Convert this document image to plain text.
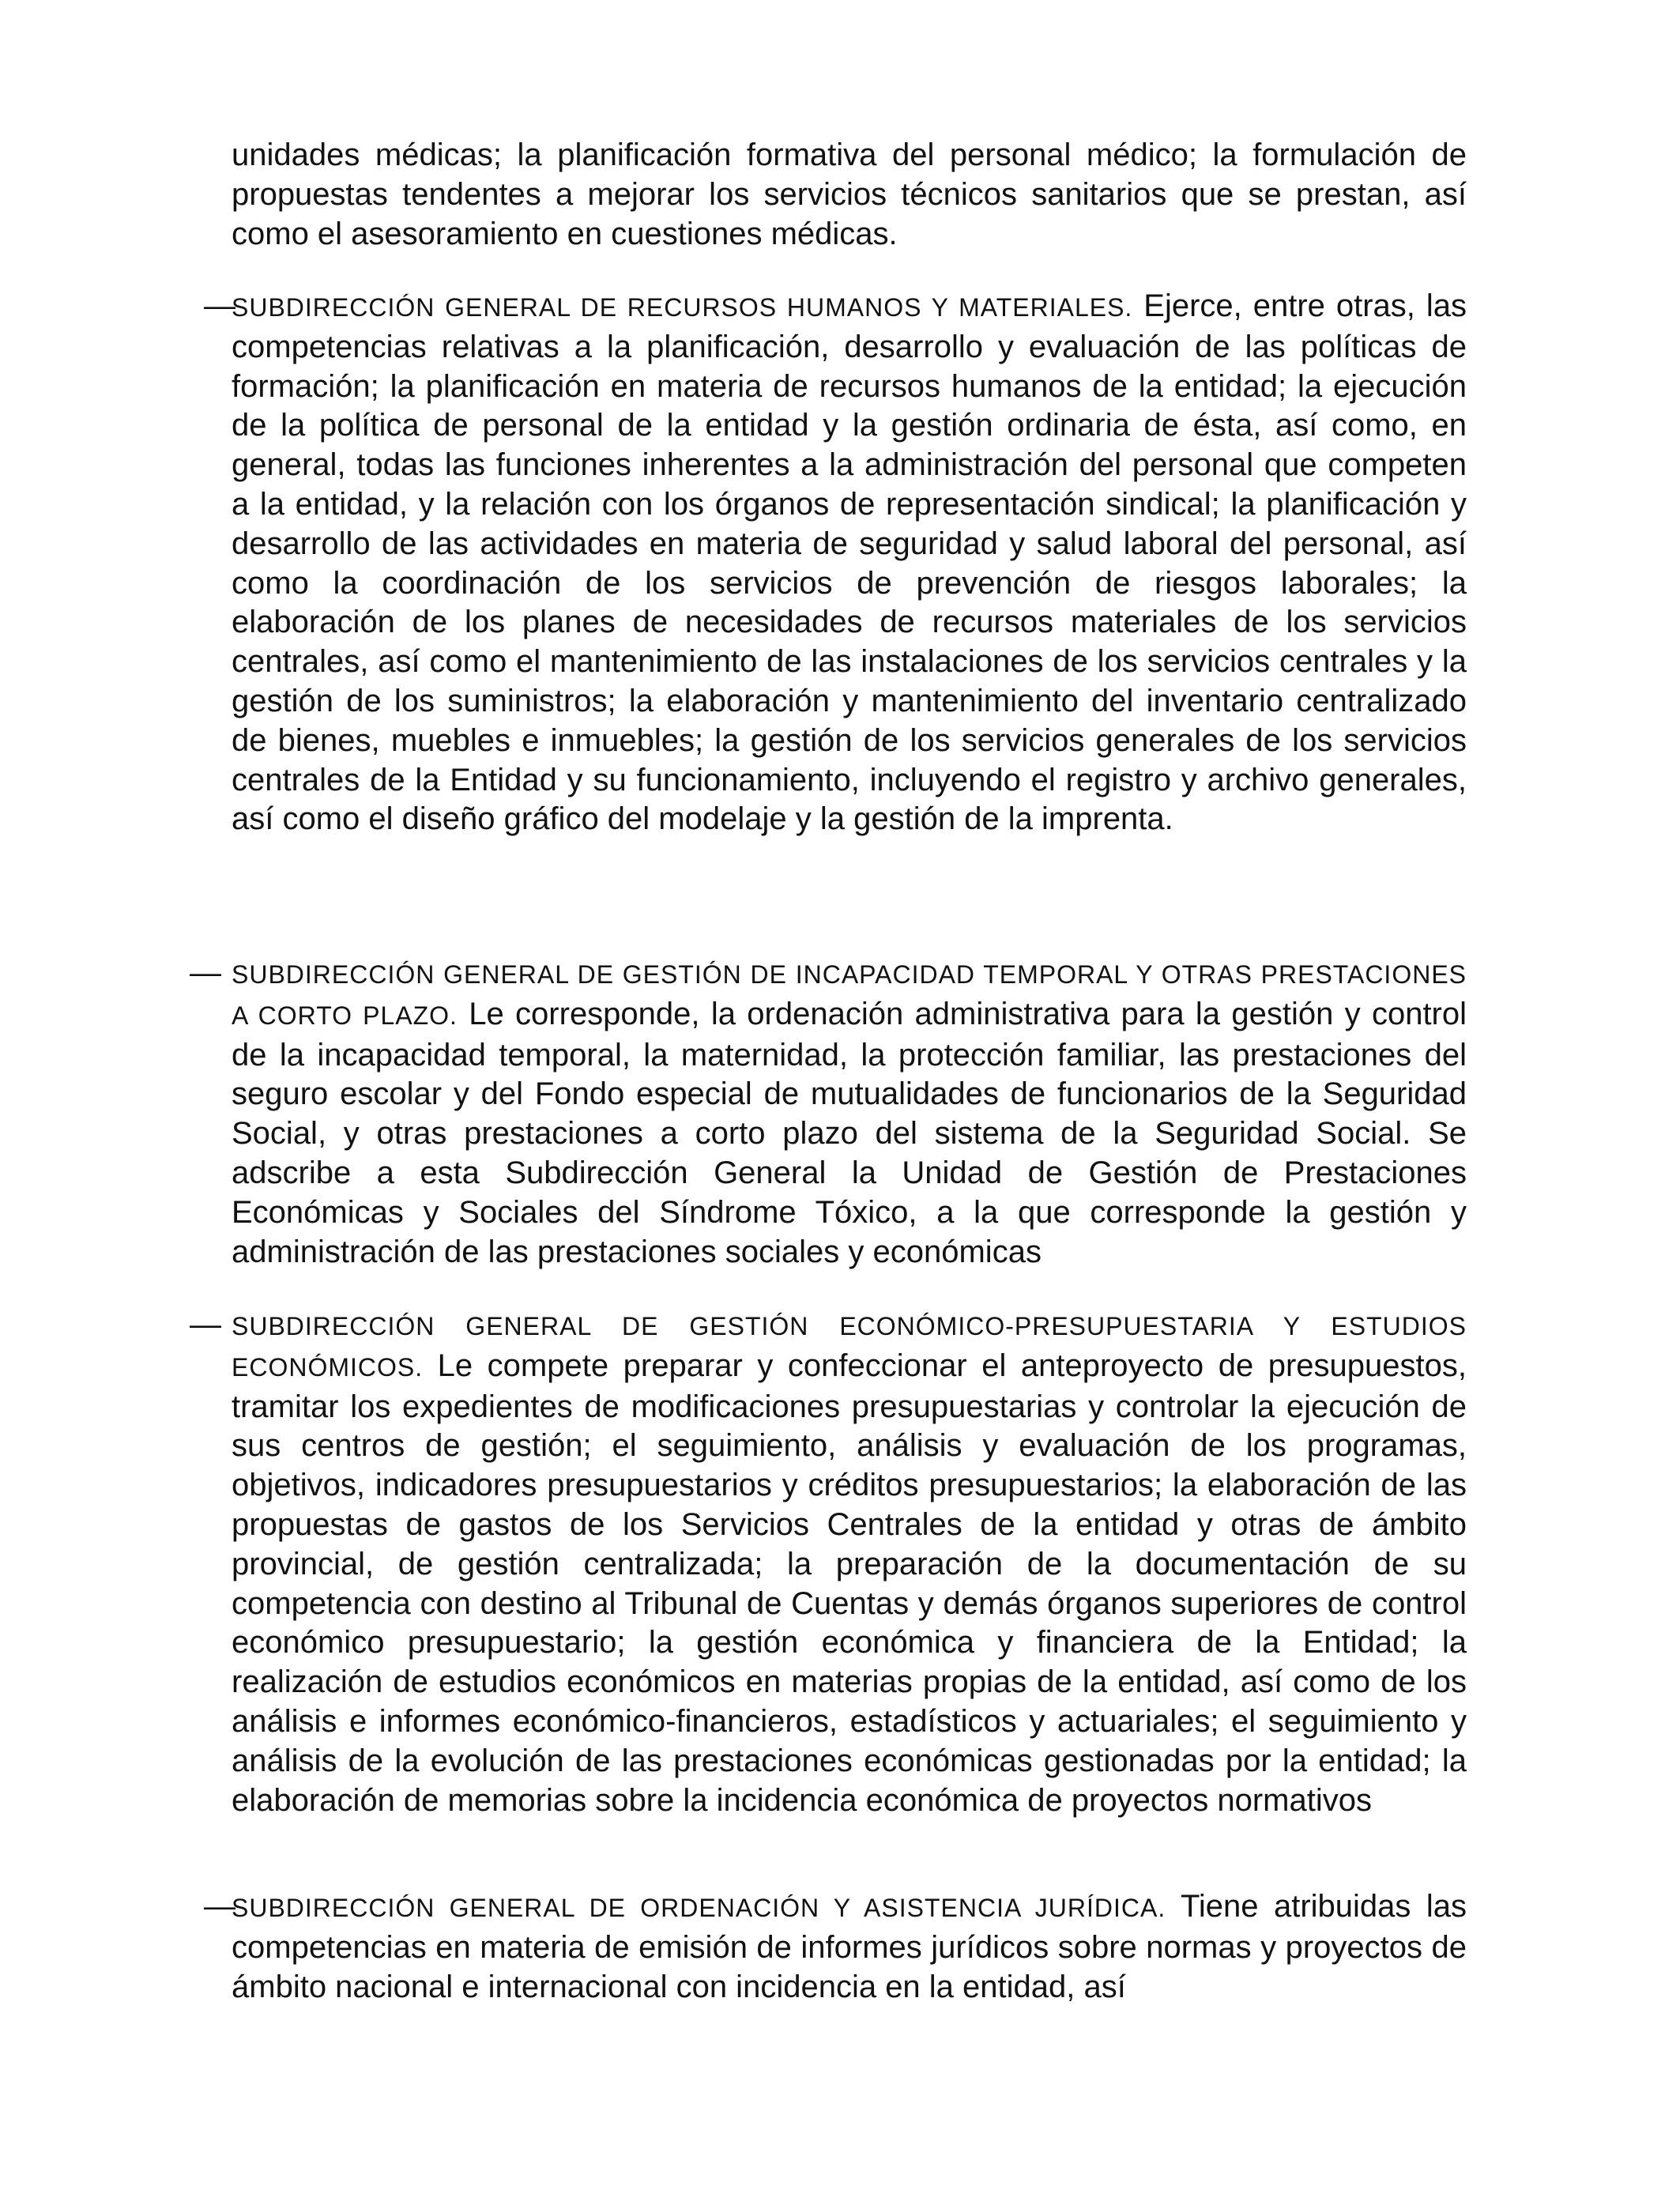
unidades médicas; la planificación formativa del personal médico; la formulación de propuestas tendentes a mejorar los servicios técnicos sanitarios que se prestan, así como el asesoramiento en cuestiones médicas.

—

SUBDIRECCIÓN GENERAL DE RECURSOS HUMANOS Y MATERIALES. Ejerce, entre otras, las competencias relativas a la planificación, desarrollo y evaluación de las políticas de formación; la planificación en materia de recursos humanos de la entidad; la ejecución de la política de personal de la entidad y la gestión ordinaria de ésta, así como, en general, todas las funciones inherentes a la administración del personal que competen a la entidad, y la relación con los órganos de representación sindical; la planificación y desarrollo de las actividades en materia de seguridad y salud laboral del personal, así como la coordinación de los servicios de prevención de riesgos laborales; la elaboración de los planes de necesidades de recursos materiales de los servicios centrales, así como el mantenimiento de las instalaciones de los servicios centrales y la gestión de los suministros; la elaboración y mantenimiento del inventario centralizado de bienes, muebles e inmuebles; la gestión de los servicios generales de los servicios centrales de la Entidad y su funcionamiento, incluyendo el registro y archivo generales, así como el diseño gráfico del modelaje y la gestión de la imprenta.

— SUBDIRECCIÓN GENERAL DE GESTIÓN DE INCAPACIDAD TEMPORAL Y OTRAS PRESTACIONES A CORTO PLAZO. Le corresponde, la ordenación administrativa para la gestión y control de la incapacidad temporal, la maternidad, la protección familiar, las prestaciones del seguro escolar y del Fondo especial de mutualidades de funcionarios de la Seguridad Social, y otras prestaciones a corto plazo del sistema de la Seguridad Social. Se adscribe a esta Subdirección General la Unidad de Gestión de Prestaciones Económicas y Sociales del Síndrome Tóxico, a la que corresponde la gestión y administración de las prestaciones sociales y económicas

— SUBDIRECCIÓN GENERAL DE GESTIÓN ECONÓMICO-PRESUPUESTARIA Y ESTUDIOS ECONÓMICOS. Le compete preparar y confeccionar el anteproyecto de presupuestos, tramitar los expedientes de modificaciones presupuestarias y controlar la ejecución de sus centros de gestión; el seguimiento, análisis y evaluación de los programas, objetivos, indicadores presupuestarios y créditos presupuestarios; la elaboración de las propuestas de gastos de los Servicios Centrales de la entidad y otras de ámbito provincial, de gestión centralizada; la preparación de la documentación de su competencia con destino al Tribunal de Cuentas y demás órganos superiores de control económico presupuestario; la gestión económica y financiera de la Entidad; la realización de estudios económicos en materias propias de la entidad, así como de los análisis e informes económico-financieros, estadísticos y actuariales; el seguimiento y análisis de la evolución de las prestaciones económicas gestionadas por la entidad; la elaboración de memorias sobre la incidencia económica de proyectos normativos

—

SUBDIRECCIÓN GENERAL DE ORDENACIÓN Y ASISTENCIA JURÍDICA. Tiene atribuidas las competencias en materia de emisión de informes jurídicos sobre normas y proyectos de ámbito nacional e internacional con incidencia en la entidad, así
